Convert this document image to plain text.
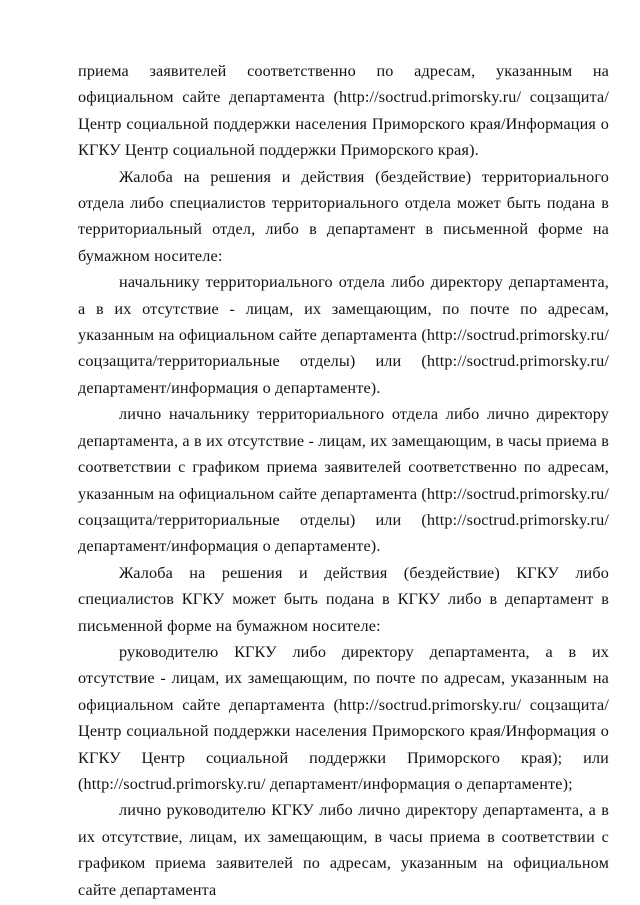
приема заявителей соответственно по адресам, указанным на официальном сайте департамента (http://soctrud.primorsky.ru/ соцзащита/Центр социальной поддержки населения Приморского края/Информация о КГКУ Центр социальной поддержки Приморского края).

Жалоба на решения и действия (бездействие) территориального отдела либо специалистов территориального отдела может быть подана в территориальный отдел, либо в департамент в письменной форме на бумажном носителе:

начальнику территориального отдела либо директору департамента, а в их отсутствие - лицам, их замещающим, по почте по адресам, указанным на официальном сайте департамента (http://soctrud.primorsky.ru/ соцзащита/территориальные отделы) или (http://soctrud.primorsky.ru/ департамент/информация о департаменте).

лично начальнику территориального отдела либо лично директору департамента, а в их отсутствие - лицам, их замещающим, в часы приема в соответствии с графиком приема заявителей соответственно по адресам, указанным на официальном сайте департамента (http://soctrud.primorsky.ru/ соцзащита/территориальные отделы) или (http://soctrud.primorsky.ru/ департамент/информация о департаменте).

Жалоба на решения и действия (бездействие) КГКУ либо специалистов КГКУ может быть подана в КГКУ либо в департамент в письменной форме на бумажном носителе:

руководителю КГКУ либо директору департамента, а в их отсутствие - лицам, их замещающим, по почте по адресам, указанным на официальном сайте департамента (http://soctrud.primorsky.ru/ соцзащита/Центр социальной поддержки населения Приморского края/Информация о КГКУ Центр социальной поддержки Приморского края); или (http://soctrud.primorsky.ru/ департамент/информация о департаменте);

лично руководителю КГКУ либо лично директору департамента, а в их отсутствие, лицам, их замещающим, в часы приема в соответствии с графиком приема заявителей по адресам, указанным на официальном сайте департамента
